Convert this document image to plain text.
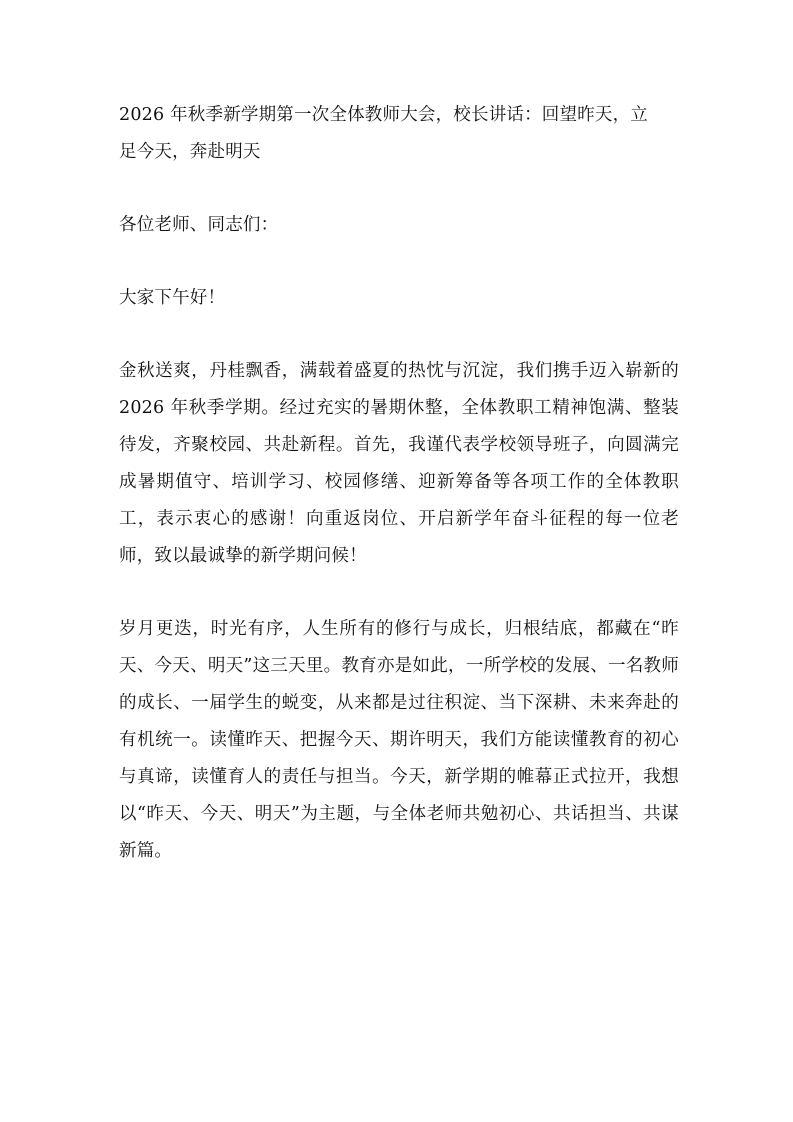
2026 年秋季新学期第一次全体教师大会，校长讲话：回望昨天，立
足今天，奔赴明天

各位老师、同志们：

大家下午好！

金秋送爽，丹桂飘香，满载着盛夏的热忱与沉淀，我们携手迈入崭新的 2026 年秋季学期。经过充实的暑期休整，全体教职工精神饱满、整装待发，齐聚校园、共赴新程。首先，我谨代表学校领导班子，向圆满完成暑期值守、培训学习、校园修缮、迎新筹备等各项工作的全体教职工，表示衷心的感谢！向重返岗位、开启新学年奋斗征程的每一位老师，致以最诚挚的新学期问候！

岁月更迭，时光有序，人生所有的修行与成长，归根结底，都藏在“昨天、今天、明天”这三天里。教育亦是如此，一所学校的发展、一名教师的成长、一届学生的蜕变，从来都是过往积淀、当下深耕、未来奔赴的有机统一。读懂昨天、把握今天、期许明天，我们方能读懂教育的初心与真谛，读懂育人的责任与担当。今天，新学期的帷幕正式拉开，我想以“昨天、今天、明天”为主题，与全体老师共勉初心、共话担当、共谋新篇。
